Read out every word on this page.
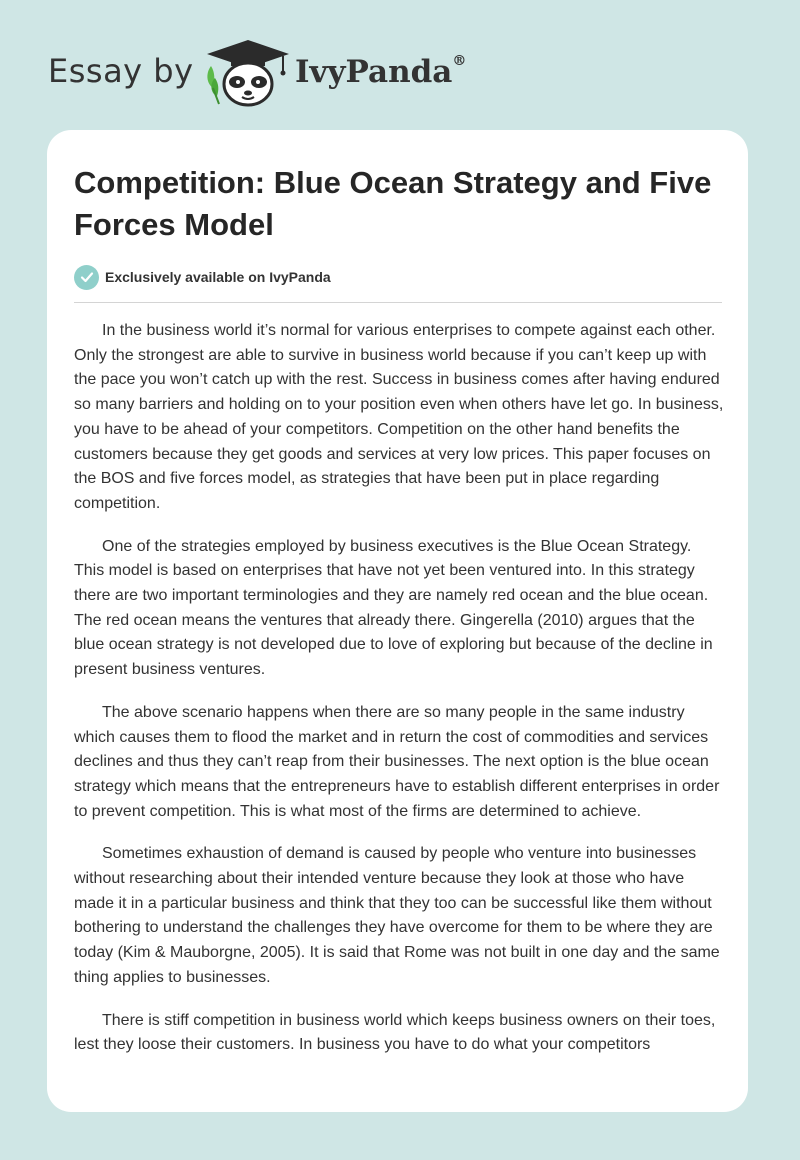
Essay by	IvyPanda®
Competition: Blue Ocean Strategy and Five Forces Model
Exclusively available on IvyPanda

In the business world it’s normal for various enterprises to compete against each other. Only the strongest are able to survive in business world because if you can’t keep up with the pace you won’t catch up with the rest. Success in business comes after having endured so many barriers and holding on to your position even when others have let go. In business, you have to be ahead of your competitors. Competition on the other hand benefits the customers because they get goods and services at very low prices. This paper focuses on the BOS and five forces model, as strategies that have been put in place regarding competition.

One of the strategies employed by business executives is the Blue Ocean Strategy. This model is based on enterprises that have not yet been ventured into. In this strategy there are two important terminologies and they are namely red ocean and the blue ocean. The red ocean means the ventures that already there. Gingerella (2010) argues that the blue ocean strategy is not developed due to love of exploring but because of the decline in present business ventures.

The above scenario happens when there are so many people in the same industry which causes them to flood the market and in return the cost of commodities and services declines and thus they can’t reap from their businesses. The next option is the blue ocean strategy which means that the entrepreneurs have to establish different enterprises in order to prevent competition. This is what most of the firms are determined to achieve.

Sometimes exhaustion of demand is caused by people who venture into businesses without researching about their intended venture because they look at those who have made it in a particular business and think that they too can be successful like them without bothering to understand the challenges they have overcome for them to be where they are today (Kim & Mauborgne, 2005). It is said that Rome was not built in one day and the same thing applies to businesses.

There is stiff competition in business world which keeps business owners on their toes, lest they loose their customers. In business you have to do what your competitors
